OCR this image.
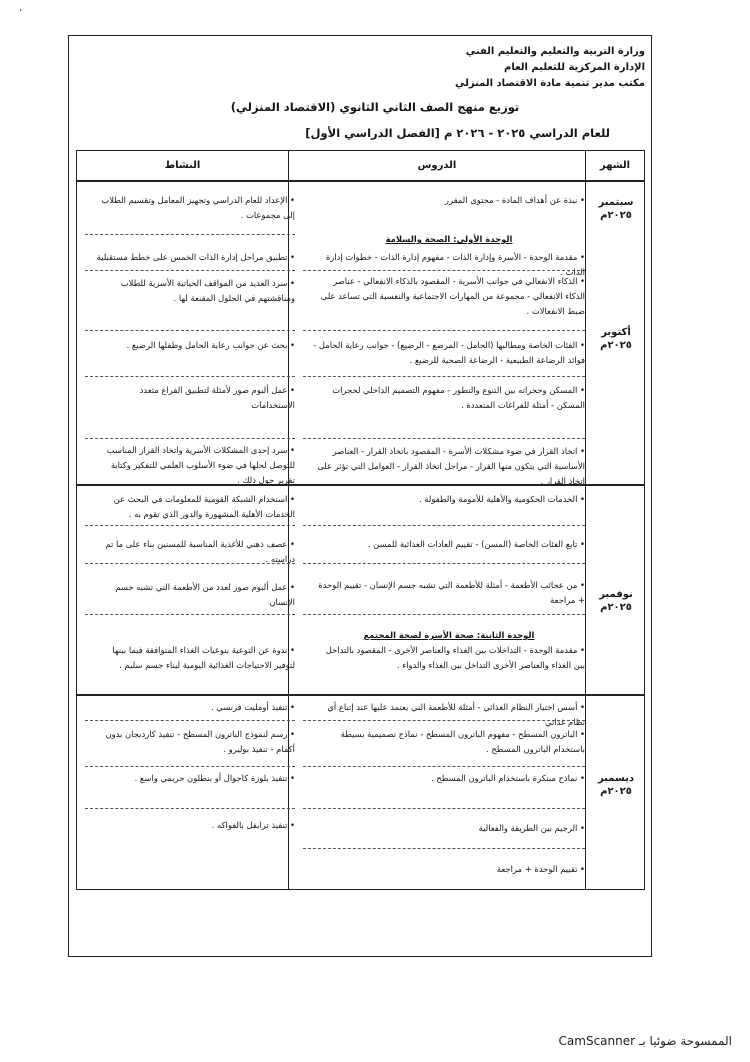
‘
وزارة التربية والتعليم والتعليم الفني
الإدارة المركزية للتعليم العام
مكتب مدير تنمية مادة الاقتصاد المنزلي
توزيع منهج الصف الثاني الثانوي (الاقتصاد المنزلي)
للعام الدراسي ٢٠٢٥ - ٢٠٢٦ م [الفصل الدراسي الأول]
الشهر
الدروس
النشاط
سبتمبر
٢٠٢٥م
أكتوبر
٢٠٢٥م
نوفمبر
٢٠٢٥م
ديسمبر
٢٠٢٥م
• نبذة عن أهداف المادة - محتوى المقرر
الوحدة الأولى: الصحة والسلامة
• مقدمة الوحدة - الأسرة وإدارة الذات - مفهوم إدارة الذات - خطوات إدارة الذات .
• الذكاء الانفعالي في جوانب الأسرية - المقصود بالذكاء الانفعالي - عناصر الذكاء الانفعالي - مجموعة من المهارات الاجتماعية والنفسية التي تساعد على ضبط الانفعالات .
• الفئات الخاصة ومطالبها (الحامل - المرضع - الرضيع) - جوانب رعاية الحامل - فوائد الرضاعة الطبيعية - الرضاعة الصحية للرضيع .
• المسكن وحجراته بين التنوع والتطور - مفهوم التصميم الداخلي لحجرات المسكن - أمثلة للفراغات المتعددة .
• اتخاذ القرار في ضوء مشكلات الأسرة - المقصود باتخاذ القرار - العناصر الأساسية التي يتكون منها القرار - مراحل اتخاذ القرار - العوامل التي تؤثر على اتخاذ القرار .
• الخدمات الحكومية والأهلية للأمومة والطفولة .
• تابع الفئات الخاصة (المسن) - تقييم العادات الغذائية للمسن .
• من عجائب الأطعمة - أمثلة للأطعمة التي تشبه جسم الإنسان - تقييم الوحدة + مراجعة
الوحدة الثانية: صحة الأسرة لصحة المجتمع
• مقدمة الوحدة - التداخلات بين الغذاء والعناصر الأخرى - المقصود بالتداخل بين الغذاء والعناصر الأخرى التداخل بين الغذاء والدواء .
• أسس اختيار النظام الغذائي - أمثلة للأطعمة التي يعتمد عليها عند إتباع أي نظام غذائي
• الباترون المسطح - مفهوم الباترون المسطح - نماذج تصميمية بسيطة باستخدام الباترون المسطح .
• نماذج مبتكرة باستخدام الباترون المسطح .
• الرجيم بين الطريقة والفعالية
• تقييم الوحدة + مراجعة
• الإعداد للعام الدراسي وتجهيز المعامل وتقسيم الطلاب إلى مجموعات .
• تطبيق مراحل إدارة الذات الخمس على خطط مستقبلية
• سرد العديد من المواقف الحياتية الأسرية للطلاب ومناقشتهم في الحلول المقنعة لها .
• بحث عن جوانب رعاية الحامل وطفلها الرضيع .
• عمل ألبوم صور لأمثلة لتطبيق الفراغ متعدد الاستخدامات
• سرد إحدى المشكلات الأسرية واتخاذ القرار المناسب للتوصل لحلها في ضوء الأسلوب العلمي للتفكير وكتابة تقرير حول ذلك .
• استخدام الشبكة القومية للمعلومات في البحث عن الخدمات الأهلية المشهورة والدور الذي تقوم به .
• عصف ذهني للأغذية المناسبة للمسنين بناء على ما تم دراسته .
• عمل ألبوم صور لعدد من الأطعمة التي تشبه جسم الإنسان
• ندوة عن التوعية بنوعيات الغذاء المتوافقة فيما بينها لتوفير الاحتياجات الغذائية اليومية لبناء جسم سليم .
• تنفيذ أومليت فرنسي .
• رسم لنموذج الباترون المسطح - تنفيذ كارديجان بدون أكمام - تنفيذ بوليرو .
• تنفيذ بلوزة كاجوال أو بنطلون حريمي واسع .
• تنفيذ ترايفل بالفواكه .
الممسوحة ضوئيا بـ CamScanner
